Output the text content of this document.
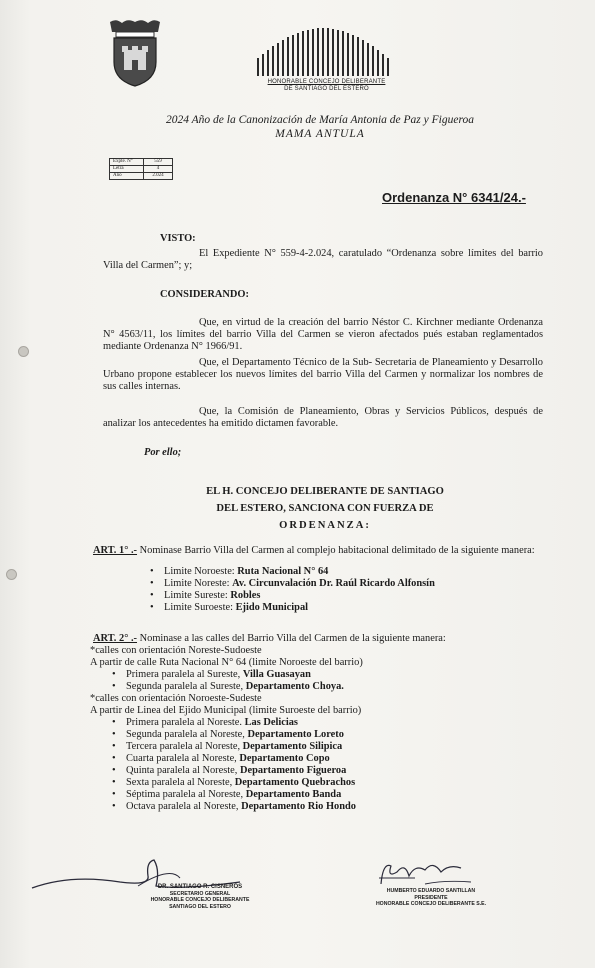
HONORABLE CONCEJO DELIBERANTE
DE SANTIAGO DEL ESTERO
2024 Año de la Canonización de María Antonia de Paz y Figueroa
MAMA ANTULA
Expte. N°	559
Letra	4
Año	2.024
Ordenanza N° 6341/24.-
VISTO:
El Expediente N° 559-4-2.024, caratulado “Ordenanza sobre límites del barrio Villa del Carmen”; y;
CONSIDERANDO:
Que, en virtud de la creación del barrio Néstor C. Kirchner mediante Ordenanza N° 4563/11, los límites del barrio Villa del Carmen se vieron afectados pués estaban reglamentados mediante Ordenanza N° 1966/91.
Que, el Departamento Técnico de la Sub- Secretaria de Planeamiento y Desarrollo Urbano propone establecer los nuevos límites del barrio Villa del Carmen y normalizar los nombres de sus calles internas.
Que, la Comisión de Planeamiento, Obras y Servicios Públicos, después de analizar los antecedentes ha emitido dictamen favorable.
Por ello;
EL H. CONCEJO DELIBERANTE DE SANTIAGO
DEL ESTERO, SANCIONA CON FUERZA DE
ORDENANZA:
ART. 1° .- Nominase Barrio Villa del Carmen al complejo habitacional delimitado de la siguiente manera:
• Limite Noroeste: Ruta Nacional N° 64
• Limite Noreste: Av. Circunvalación Dr. Raúl Ricardo Alfonsín
• Limite Sureste: Robles
• Limite Suroeste: Ejido Municipal
ART. 2° .- Nominase a las calles del Barrio Villa del Carmen de la siguiente manera:
*calles con orientación Noreste-Sudoeste
A partir de calle Ruta Nacional N° 64 (limite Noroeste del barrio)
• Primera paralela al Sureste, Villa Guasayan
• Segunda paralela al Sureste, Departamento Choya.
*calles con orientación Noroeste-Sudeste
A partir de Linea del Ejido Municipal (limite Suroeste del barrio)
• Primera paralela al Noreste. Las Delicias
• Segunda paralela al Noreste, Departamento Loreto
• Tercera paralela al Noreste, Departamento Silipica
• Cuarta paralela al Noreste, Departamento Copo
• Quinta paralela al Noreste, Departamento Figueroa
• Sexta paralela al Noreste, Departamento Quebrachos
• Séptima paralela al Noreste, Departamento Banda
• Octava paralela al Noreste, Departamento Rio Hondo
DR. SANTIAGO R. CISNEROS
SECRETARIO GENERAL
HONORABLE CONCEJO DELIBERANTE
SANTIAGO DEL ESTERO
HUMBERTO EDUARDO SANTILLAN
PRESIDENTE
HONORABLE CONCEJO DELIBERANTE S.E.
